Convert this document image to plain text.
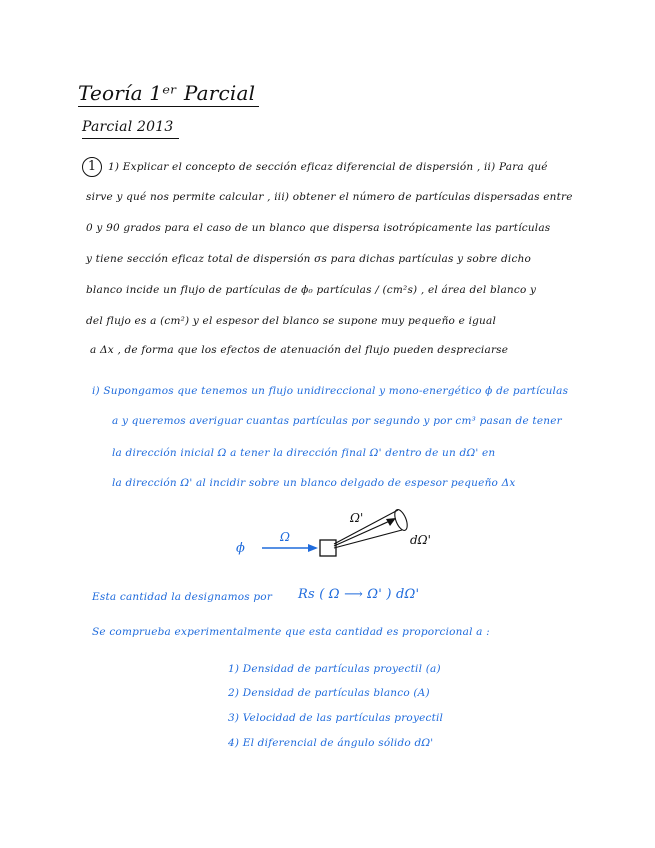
Teoría 1ᵉʳ Parcial
Parcial 2013
1	1) Explicar el concepto de sección eficaz diferencial de dispersión , ii) Para qué
sirve y qué nos permite calcular , iii) obtener el número de partículas dispersadas entre
0 y 90 grados para el caso de un blanco que dispersa isotrópicamente las partículas
y tiene sección eficaz total de dispersión σs para dichas partículas y sobre dicho
blanco incide un flujo de partículas de ϕ₀ partículas / (cm²s) , el área del blanco y
del flujo es a (cm²) y el espesor del blanco se supone muy pequeño e igual
a Δx , de forma que los efectos de atenuación del flujo pueden despreciarse
i) Supongamos que tenemos un flujo unidireccional y mono-energético ϕ de partículas
a y queremos averiguar cuantas partículas por segundo y por cm³ pasan de tener
la dirección inicial Ω a tener la dirección final Ω' dentro de un dΩ' en
la dirección Ω' al incidir sobre un blanco delgado de espesor pequeño Δx
ϕ
Ω
Ω'
dΩ'
Esta cantidad la designamos por Rs ( Ω ⟶ Ω' ) dΩ'
Se comprueba experimentalmente que esta cantidad es proporcional a :
1) Densidad de partículas proyectil (a)
2) Densidad de partículas blanco (A)
3) Velocidad de las partículas proyectil
4) El diferencial de ángulo sólido dΩ'
